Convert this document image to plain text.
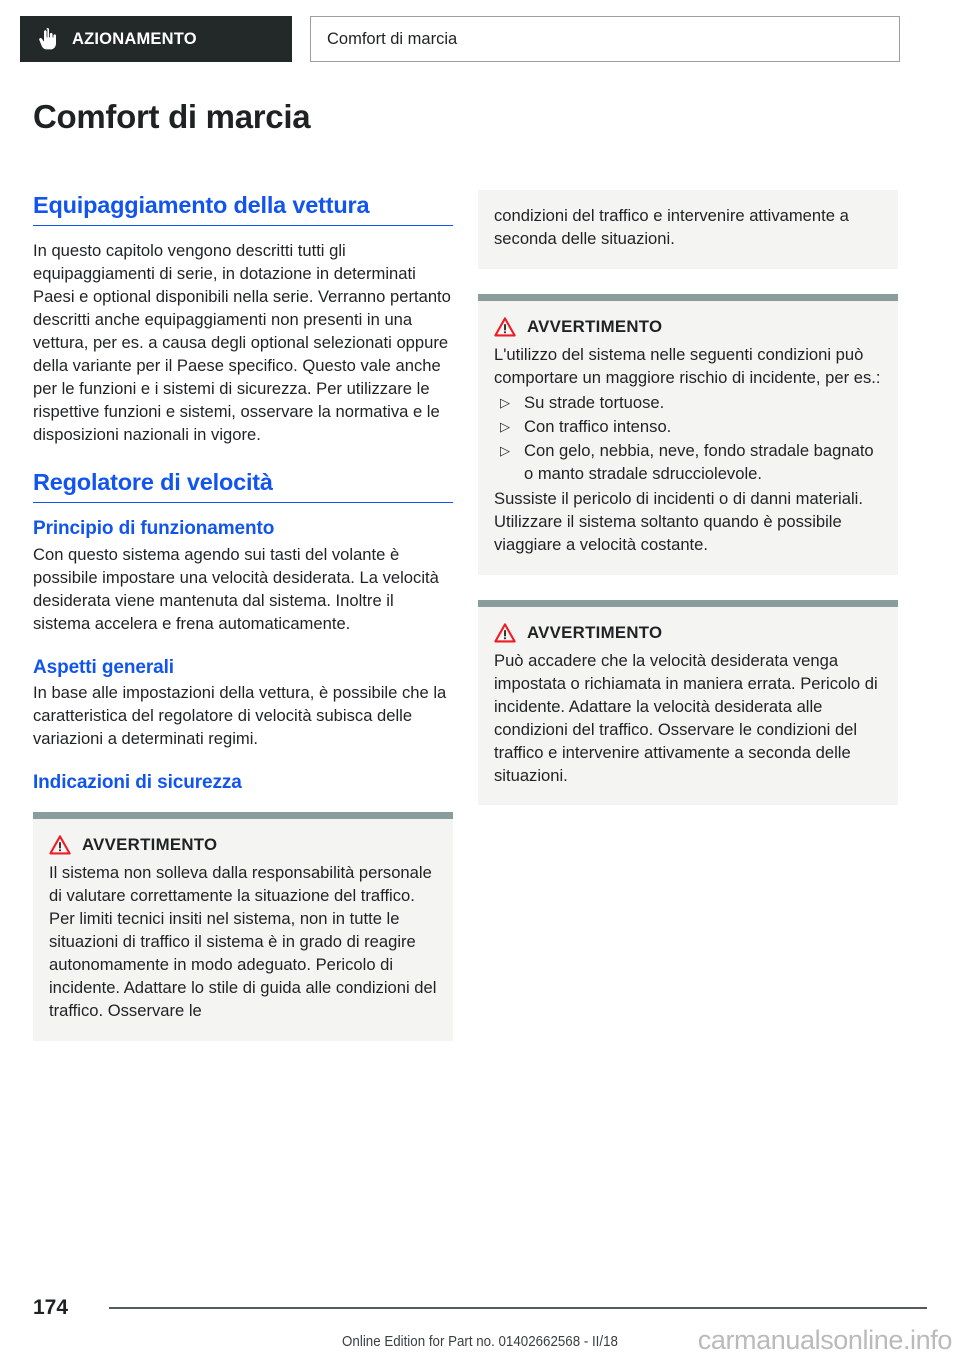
AZIONAMENTO	Comfort di marcia
Comfort di marcia
Equipaggiamento della vettura

In questo capitolo vengono descritti tutti gli equipaggiamenti di serie, in dotazione in determinati Paesi e optional disponibili nella serie. Verranno pertanto descritti anche equipaggiamenti non presenti in una vettura, per es. a causa degli optional selezionati oppure della variante per il Paese specifico. Questo vale anche per le funzioni e i sistemi di sicurezza. Per utilizzare le rispettive funzioni e sistemi, osservare la normativa e le disposizioni nazionali in vigore.

Regolatore di velocità
Principio di funzionamento

Con questo sistema agendo sui tasti del volante è possibile impostare una velocità desiderata. La velocità desiderata viene mantenuta dal sistema. Inoltre il sistema accelera e frena automaticamente.

Aspetti generali

In base alle impostazioni della vettura, è possibile che la caratteristica del regolatore di velocità subisca delle variazioni a determinati regimi.

Indicazioni di sicurezza
AVVERTIMENTO

Il sistema non solleva dalla responsabilità personale di valutare correttamente la situazione del traffico. Per limiti tecnici insiti nel sistema, non in tutte le situazioni di traffico il sistema è in grado di reagire autonomamente in modo adeguato. Pericolo di incidente. Adattare lo stile di guida alle condizioni del traffico. Osservare le

condizioni del traffico e intervenire attivamente a seconda delle situazioni.

AVVERTIMENTO

L'utilizzo del sistema nelle seguenti condizioni può comportare un maggiore rischio di incidente, per es.:

▷ Su strade tortuose.
▷ Con traffico intenso.
▷ Con gelo, nebbia, neve, fondo stradale bagnato o manto stradale sdrucciolevole.

Sussiste il pericolo di incidenti o di danni materiali. Utilizzare il sistema soltanto quando è possibile viaggiare a velocità costante.

AVVERTIMENTO

Può accadere che la velocità desiderata venga impostata o richiamata in maniera errata. Pericolo di incidente. Adattare la velocità desiderata alle condizioni del traffico. Osservare le condizioni del traffico e intervenire attivamente a seconda delle situazioni.

174
Online Edition for Part no. 01402662568 - II/18	carmanualsonline.info
